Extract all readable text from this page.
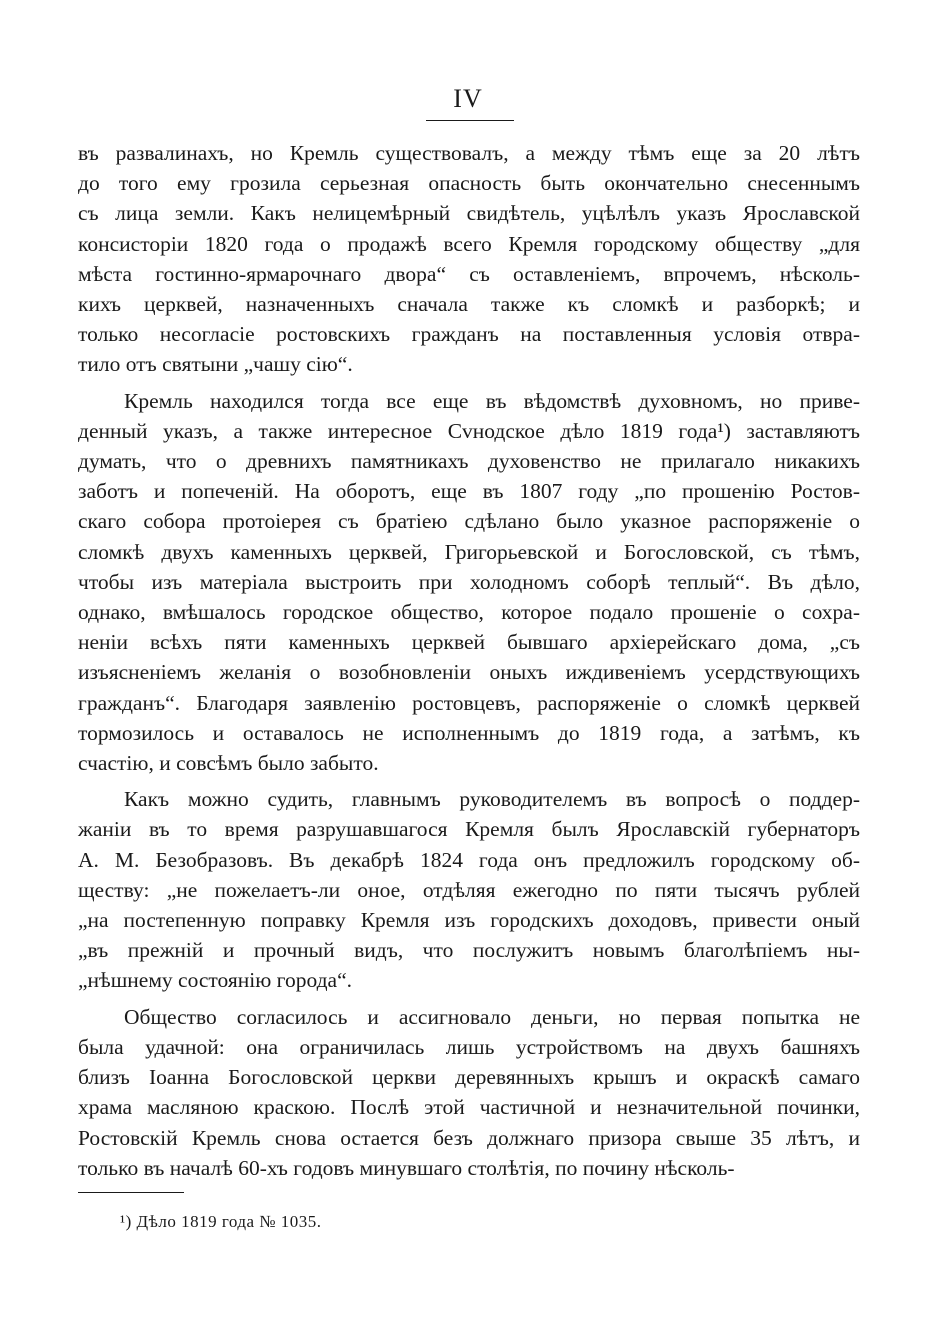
IV
въ развалинахъ, но Кремль существовалъ, а между тѣмъ еще за 20 лѣтъ
до того ему грозила серьезная опасность быть окончательно снесеннымъ
съ лица земли. Какъ нелицемѣрный свидѣтель, уцѣлѣлъ указъ Ярославской
консисторіи 1820 года о продажѣ всего Кремля городскому обществу „для
мѣста гостинно-ярмарочнаго двора“ съ оставленіемъ, впрочемъ, нѣсколь-
кихъ церквей, назначенныхъ сначала также къ сломкѣ и разборкѣ; и
только несогласіе ростовскихъ гражданъ на поставленныя условія отвра-
тило отъ святыни „чашу сію“.
Кремль находился тогда все еще въ вѣдомствѣ духовномъ, но приве-
денный указъ, а также интересное Сvнодское дѣло 1819 года¹) заставляютъ
думать, что о древнихъ памятникахъ духовенство не прилагало никакихъ
заботъ и попеченій. На оборотъ, еще въ 1807 году „по прошенію Ростов-
скаго собора протоіерея съ братіею сдѣлано было указное распоряженіе о
сломкѣ двухъ каменныхъ церквей, Григорьевской и Богословской, съ тѣмъ,
чтобы изъ матеріала выстроить при холодномъ соборѣ теплый“. Въ дѣло,
однако, вмѣшалось городское общество, которое подало прошеніе о сохра-
неніи всѣхъ пяти каменныхъ церквей бывшаго архіерейскаго дома, „съ
изъясненіемъ желанія о возобновленіи оныхъ иждивеніемъ усердствующихъ
гражданъ“. Благодаря заявленію ростовцевъ, распоряженіе о сломкѣ церквей
тормозилось и оставалось не исполненнымъ до 1819 года, а затѣмъ, къ
счастію, и совсѣмъ было забыто.
Какъ можно судить, главнымъ руководителемъ въ вопросѣ о поддер-
жаніи въ то время разрушавшагося Кремля былъ Ярославскій губернаторъ
А. М. Безобразовъ. Въ декабрѣ 1824 года онъ предложилъ городскому об-
ществу: „не пожелаетъ-ли оное, отдѣляя ежегодно по пяти тысячъ рублей
„на постепенную поправку Кремля изъ городскихъ доходовъ, привести оный
„въ прежній и прочный видъ, что послужитъ новымъ благолѣпіемъ ны-
„нѣшнему состоянію города“.
Общество согласилось и ассигновало деньги, но первая попытка не
была удачной: она ограничилась лишь устройствомъ на двухъ башняхъ
близъ Іоанна Богословской церкви деревянныхъ крышъ и окраскѣ самаго
храма масляною краскою. Послѣ этой частичной и незначительной починки,
Ростовскій Кремль снова остается безъ должнаго призора свыше 35 лѣтъ, и
только въ началѣ 60-хъ годовъ минувшаго столѣтія, по почину нѣсколь-
¹) Дѣло 1819 года № 1035.
